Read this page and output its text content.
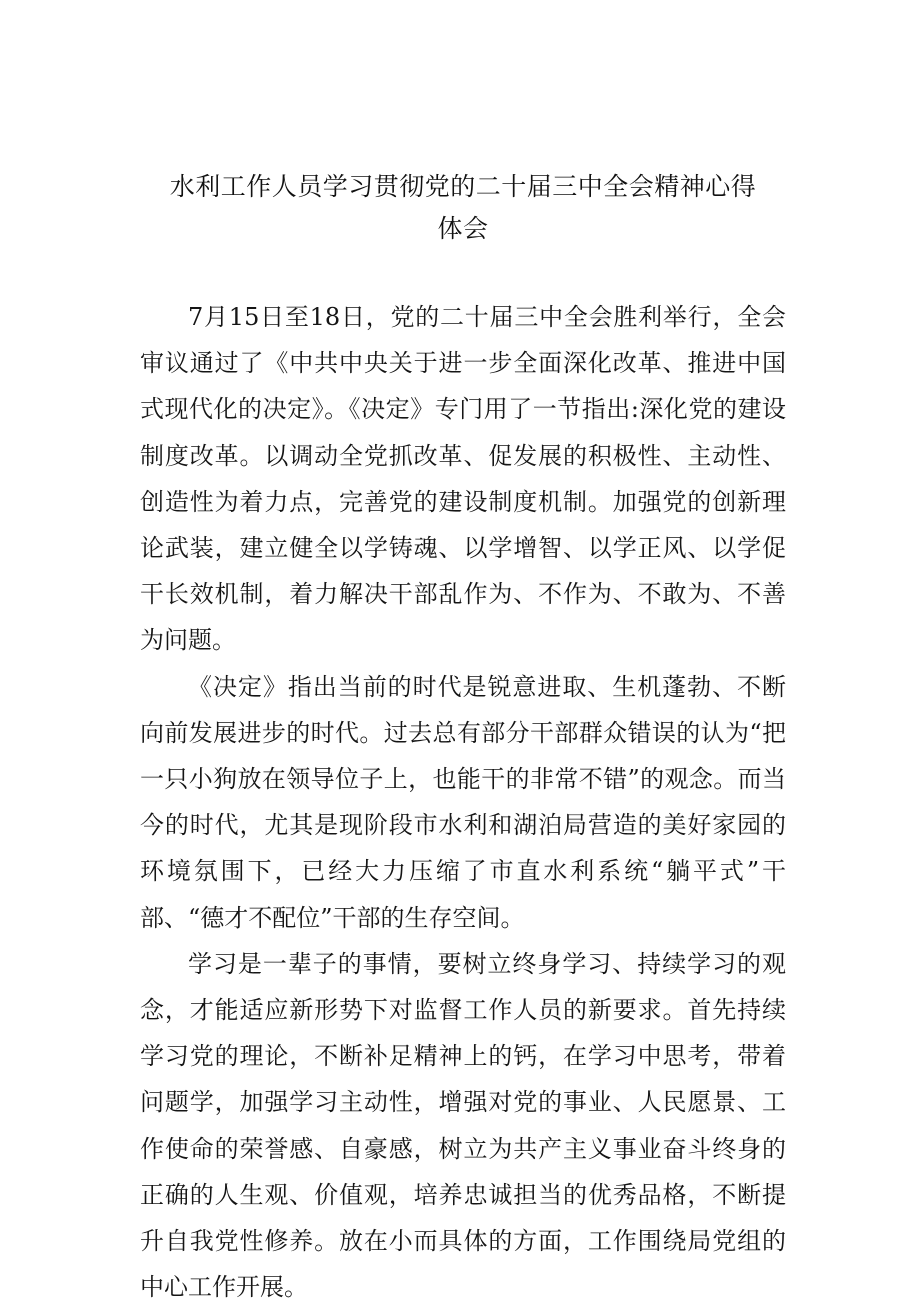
水利工作人员学习贯彻党的二十届三中全会精神心得
体会

7月15日至18日，党的二十届三中全会胜利举行，全会审议通过了《中共中央关于进一步全面深化改革、推进中国式现代化的决定》。《决定》专门用了一节指出:深化党的建设制度改革。以调动全党抓改革、促发展的积极性、主动性、创造性为着力点，完善党的建设制度机制。加强党的创新理论武装，建立健全以学铸魂、以学增智、以学正风、以学促干长效机制，着力解决干部乱作为、不作为、不敢为、不善为问题。

《决定》指出当前的时代是锐意进取、生机蓬勃、不断向前发展进步的时代。过去总有部分干部群众错误的认为“把一只小狗放在领导位子上，也能干的非常不错”的观念。而当今的时代，尤其是现阶段市水利和湖泊局营造的美好家园的环境氛围下，已经大力压缩了市直水利系统“躺平式”干部、“德才不配位”干部的生存空间。

学习是一辈子的事情，要树立终身学习、持续学习的观念，才能适应新形势下对监督工作人员的新要求。首先持续学习党的理论，不断补足精神上的钙，在学习中思考，带着问题学，加强学习主动性，增强对党的事业、人民愿景、工作使命的荣誉感、自豪感，树立为共产主义事业奋斗终身的正确的人生观、价值观，培养忠诚担当的优秀品格，不断提升自我党性修养。放在小而具体的方面，工作围绕局党组的中心工作开展。
